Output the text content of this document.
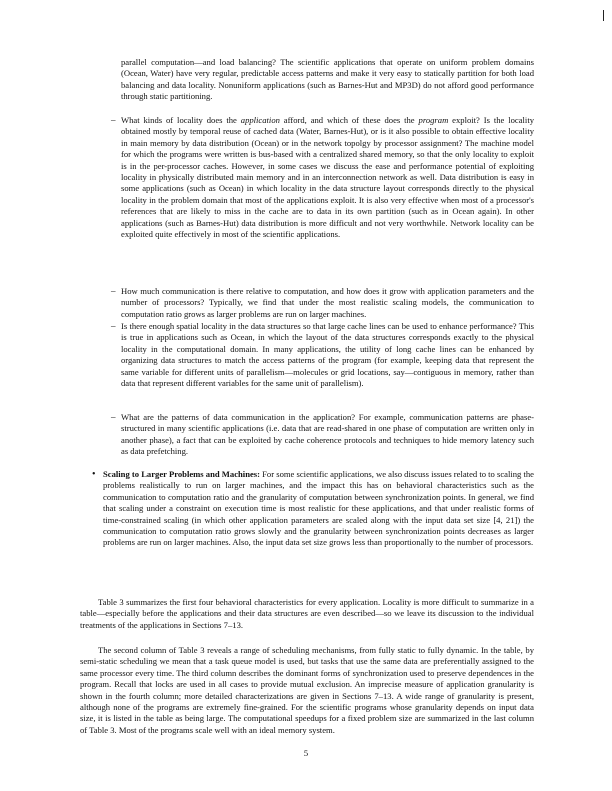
parallel computation—and load balancing? The scientific applications that operate on uniform problem domains (Ocean, Water) have very regular, predictable access patterns and make it very easy to statically partition for both load balancing and data locality. Nonuniform applications (such as Barnes-Hut and MP3D) do not afford good performance through static partitioning.

– What kinds of locality does the application afford, and which of these does the program exploit? Is the locality obtained mostly by temporal reuse of cached data (Water, Barnes-Hut), or is it also possible to obtain effective locality in main memory by data distribution (Ocean) or in the network topolgy by processor assignment? The machine model for which the programs were written is bus-based with a centralized shared memory, so that the only locality to exploit is in the per-processor caches. However, in some cases we discuss the ease and performance potential of exploiting locality in physically distributed main memory and in an interconnection network as well. Data distribution is easy in some applications (such as Ocean) in which locality in the data structure layout corresponds directly to the physical locality in the problem domain that most of the applications exploit. It is also very effective when most of a processor's references that are likely to miss in the cache are to data in its own partition (such as in Ocean again). In other applications (such as Barnes-Hut) data distribution is more difficult and not very worthwhile. Network locality can be exploited quite effectively in most of the scientific applications.

– How much communication is there relative to computation, and how does it grow with application parameters and the number of processors? Typically, we find that under the most realistic scaling models, the communication to computation ratio grows as larger problems are run on larger machines.

– Is there enough spatial locality in the data structures so that large cache lines can be used to enhance performance? This is true in applications such as Ocean, in which the layout of the data structures corresponds exactly to the physical locality in the computational domain. In many applications, the utility of long cache lines can be enhanced by organizing data structures to match the access patterns of the program (for example, keeping data that represent the same variable for different units of parallelism—molecules or grid locations, say—contiguous in memory, rather than data that represent different variables for the same unit of parallelism).

– What are the patterns of data communication in the application? For example, communication patterns are phase-structured in many scientific applications (i.e. data that are read-shared in one phase of computation are written only in another phase), a fact that can be exploited by cache coherence protocols and techniques to hide memory latency such as data prefetching.

• Scaling to Larger Problems and Machines: For some scientific applications, we also discuss issues related to to scaling the problems realistically to run on larger machines, and the impact this has on behavioral characteristics such as the communication to computation ratio and the granularity of computation between synchronization points. In general, we find that scaling under a constraint on execution time is most realistic for these applications, and that under realistic forms of time-constrained scaling (in which other application parameters are scaled along with the input data set size [4, 21]) the communication to computation ratio grows slowly and the granularity between synchronization points decreases as larger problems are run on larger machines. Also, the input data set size grows less than proportionally to the number of processors.

Table 3 summarizes the first four behavioral characteristics for every application. Locality is more difficult to summarize in a table—especially before the applications and their data structures are even described—so we leave its discussion to the individual treatments of the applications in Sections 7–13.

The second column of Table 3 reveals a range of scheduling mechanisms, from fully static to fully dynamic. In the table, by semi-static scheduling we mean that a task queue model is used, but tasks that use the same data are preferentially assigned to the same processor every time. The third column describes the dominant forms of synchronization used to preserve dependences in the program. Recall that locks are used in all cases to provide mutual exclusion. An imprecise measure of application granularity is shown in the fourth column; more detailed characterizations are given in Sections 7–13. A wide range of granularity is present, although none of the programs are extremely fine-grained. For the scientific programs whose granularity depends on input data size, it is listed in the table as being large. The computational speedups for a fixed problem size are summarized in the last column of Table 3. Most of the programs scale well with an ideal memory system.

5
